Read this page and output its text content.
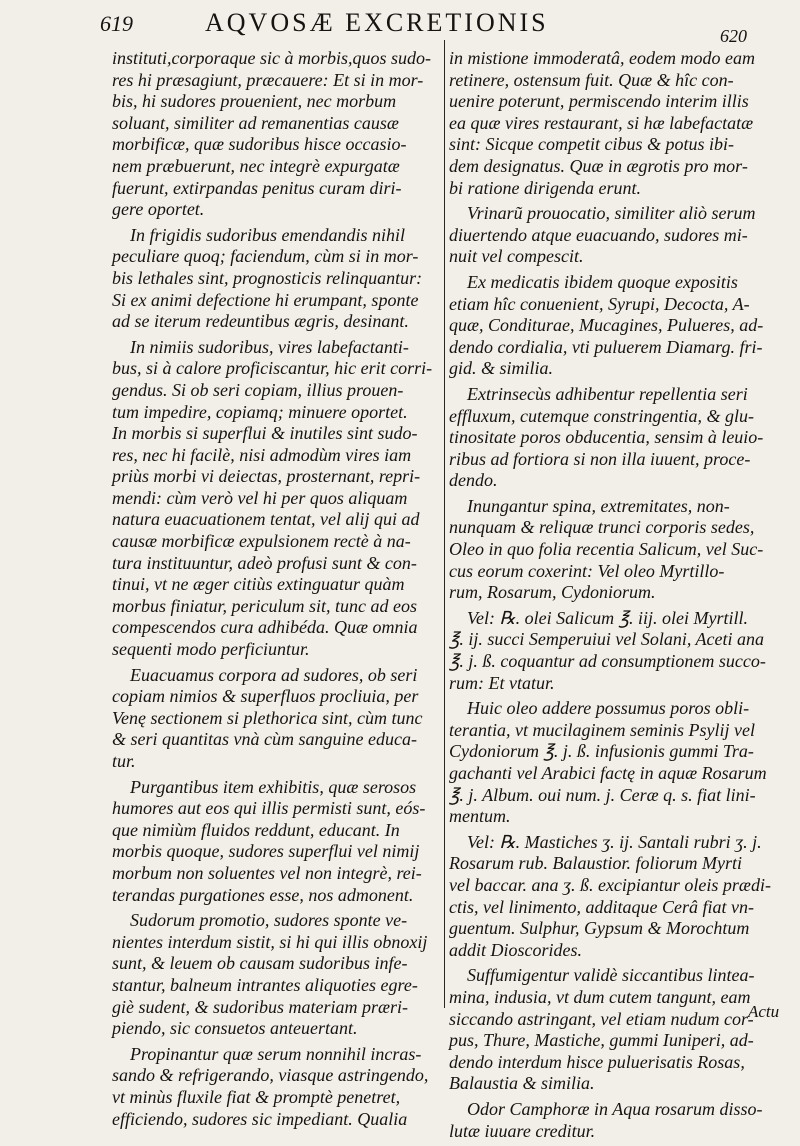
619	AQVOSÆ EXCRETIONIS	620
instituti,corporaque sic à morbis,quos sudo-
res hi præsagiunt, præcauere: Et si in mor-
bis, hi sudores prouenient, nec morbum
soluant, similiter ad remanentias causæ
morbificæ, quæ sudoribus hisce occasio-
nem præbuerunt, nec integrè expurgatæ
fuerunt, extirpandas penitus curam diri-
gere oportet.
In frigidis sudoribus emendandis nihil
peculiare quoq; faciendum, cùm si in mor-
bis lethales sint, prognosticis relinquantur:
Si ex animi defectione hi erumpant, sponte
ad se iterum redeuntibus ægris, desinant.
In nimiis sudoribus, vires labefactanti-
bus, si à calore proficiscantur, hic erit corri-
gendus. Si ob seri copiam, illius prouen-
tum impedire, copiamq; minuere oportet.
In morbis si superflui & inutiles sint sudo-
res, nec hi facilè, nisi admodùm vires iam
priùs morbi vi deiectas, prosternant, repri-
mendi: cùm verò vel hi per quos aliquam
natura euacuationem tentat, vel alij qui ad
causæ morbificæ expulsionem rectè à na-
tura instituuntur, adeò profusi sunt & con-
tinui, vt ne æger citiùs extinguatur quàm
morbus finiatur, periculum sit, tunc ad eos
compescendos cura adhibéda. Quæ omnia
sequenti modo perficiuntur.
Euacuamus corpora ad sudores, ob seri
copiam nimios & superfluos procliuia, per
Venę sectionem si plethorica sint, cùm tunc
& seri quantitas vnà cùm sanguine educa-
tur.
Purgantibus item exhibitis, quæ serosos
humores aut eos qui illis permisti sunt, eós-
que nimiùm fluidos reddunt, educant. In
morbis quoque, sudores superflui vel nimij
morbum non soluentes vel non integrè, rei-
terandas purgationes esse, nos admonent.
Sudorum promotio, sudores sponte ve-
nientes interdum sistit, si hi qui illis obnoxij
sunt, & leuem ob causam sudoribus infe-
stantur, balneum intrantes aliquoties egre-
giè sudent, & sudoribus materiam præri-
piendo, sic consuetos anteuertant.
Propinantur quæ serum nonnihil incras-
sando & refrigerando, viasque astringendo,
vt minùs fluxile fiat & promptè penetret,
efficiendo, sudores sic impediant. Qualia
in mistione immoderatâ, eodem modo eam
retinere, ostensum fuit. Quæ & hîc con-
uenire poterunt, permiscendo interim illis
ea quæ vires restaurant, si hæ labefactatæ
sint: Sicque competit cibus & potus ibi-
dem designatus. Quæ in ægrotis pro mor-
bi ratione dirigenda erunt.
Vrinarũ prouocatio, similiter aliò serum
diuertendo atque euacuando, sudores mi-
nuit vel compescit.
Ex medicatis ibidem quoque expositis
etiam hîc conuenient, Syrupi, Decocta, A-
quæ, Conditurae, Mucagines, Pulueres, ad-
dendo cordialia, vti puluerem Diamarg. fri-
gid. & similia.
Extrinsecùs adhibentur repellentia seri
effluxum, cutemque constringentia, & glu-
tinositate poros obducentia, sensim à leuio-
ribus ad fortiora si non illa iuuent, proce-
dendo.
Inungantur spina, extremitates, non-
nunquam & reliquæ trunci corporis sedes,
Oleo in quo folia recentia Salicum, vel Suc-
cus eorum coxerint: Vel oleo Myrtillo-
rum, Rosarum, Cydoniorum.
Vel: ℞. olei Salicum ℥. iij. olei Myrtill.
℥. ij. succi Semperuiui vel Solani, Aceti ana
℥. j. ß. coquantur ad consumptionem succo-
rum: Et vtatur.
Huic oleo addere possumus poros obli-
terantia, vt mucilaginem seminis Psylij vel
Cydoniorum ℥. j. ß. infusionis gummi Tra-
gachanti vel Arabici factę in aquæ Rosarum
℥. j. Album. oui num. j. Ceræ q. s. fiat lini-
mentum.
Vel: ℞. Mastiches ʒ. ij. Santali rubri ʒ. j.
Rosarum rub. Balaustior. foliorum Myrti
vel baccar. ana ʒ. ß. excipiantur oleis prædi-
ctis, vel linimento, additaque Cerâ fiat vn-
guentum. Sulphur, Gypsum & Morochtum
addit Dioscorides.
Suffumigentur validè siccantibus lintea-
mina, indusia, vt dum cutem tangunt, eam
siccando astringant, vel etiam nudum cor-
pus, Thure, Mastiche, gummi Iuniperi, ad-
dendo interdum hisce puluerisatis Rosas,
Balaustia & similia.
Odor Camphoræ in Aqua rosarum disso-
lutæ iuuare creditur.
Actu
